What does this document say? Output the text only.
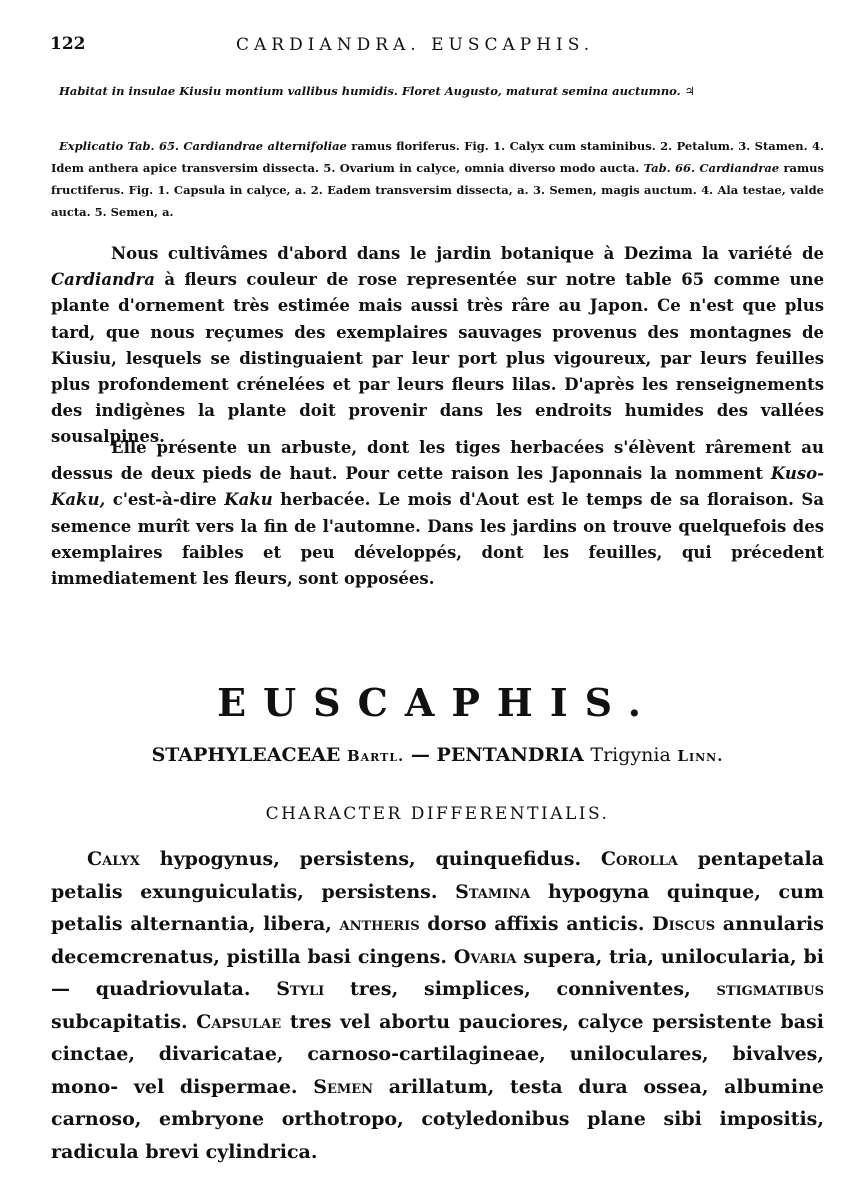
122	CARDIANDRA. EUSCAPHIS.
Habitat in insulae Kiusiu montium vallibus humidis. Floret Augusto, maturat semina auctumno. ♃
Explicatio Tab. 65. Cardiandrae alternifoliae ramus floriferus. Fig. 1. Calyx cum staminibus. 2. Petalum. 3. Stamen. 4. Idem anthera apice transversim dissecta. 5. Ovarium in calyce, omnia diverso modo aucta. Tab. 66. Cardiandrae ramus fructiferus. Fig. 1. Capsula in calyce, a. 2. Eadem transversim dissecta, a. 3. Semen, magis auctum. 4. Ala testae, valde aucta. 5. Semen, a.
Nous cultivâmes d'abord dans le jardin botanique à Dezima la variété de Cardiandra à fleurs couleur de rose representée sur notre table 65 comme une plante d'ornement très estimée mais aussi très râre au Japon. Ce n'est que plus tard, que nous reçumes des exemplaires sauvages provenus des montagnes de Kiusiu, lesquels se distinguaient par leur port plus vigoureux, par leurs feuilles plus profondement crénelées et par leurs fleurs lilas. D'après les renseignements des indigènes la plante doit provenir dans les endroits humides des vallées sousalpines.
Elle présente un arbuste, dont les tiges herbacées s'élèvent rârement au dessus de deux pieds de haut. Pour cette raison les Japonnais la nomment Kuso-Kaku, c'est-à-dire Kaku herbacée. Le mois d'Aout est le temps de sa floraison. Sa semence murît vers la fin de l'automne. Dans les jardins on trouve quelquefois des exemplaires faibles et peu développés, dont les feuilles, qui précedent immediatement les fleurs, sont opposées.
EUSCAPHIS.
STAPHYLEACEAE Bartl. — PENTANDRIA Trigynia Linn.
CHARACTER DIFFERENTIALIS.
Calyx hypogynus, persistens, quinquefidus. Corolla pentapetala petalis exunguiculatis, persistens. Stamina hypogyna quinque, cum petalis alternantia, libera, antheris dorso affixis anticis. Discus annularis decemcrenatus, pistilla basi cingens. Ovaria supera, tria, unilocularia, bi — quadriovulata. Styli tres, simplices, conniventes, stigmatibus subcapitatis. Capsulae tres vel abortu pauciores, calyce persistente basi cinctae, divaricatae, carnoso-cartilagineae, uniloculares, bivalves, mono- vel dispermae. Semen arillatum, testa dura ossea, albumine carnoso, embryone orthotropo, cotyledonibus plane sibi impositis, radicula brevi cylindrica.
